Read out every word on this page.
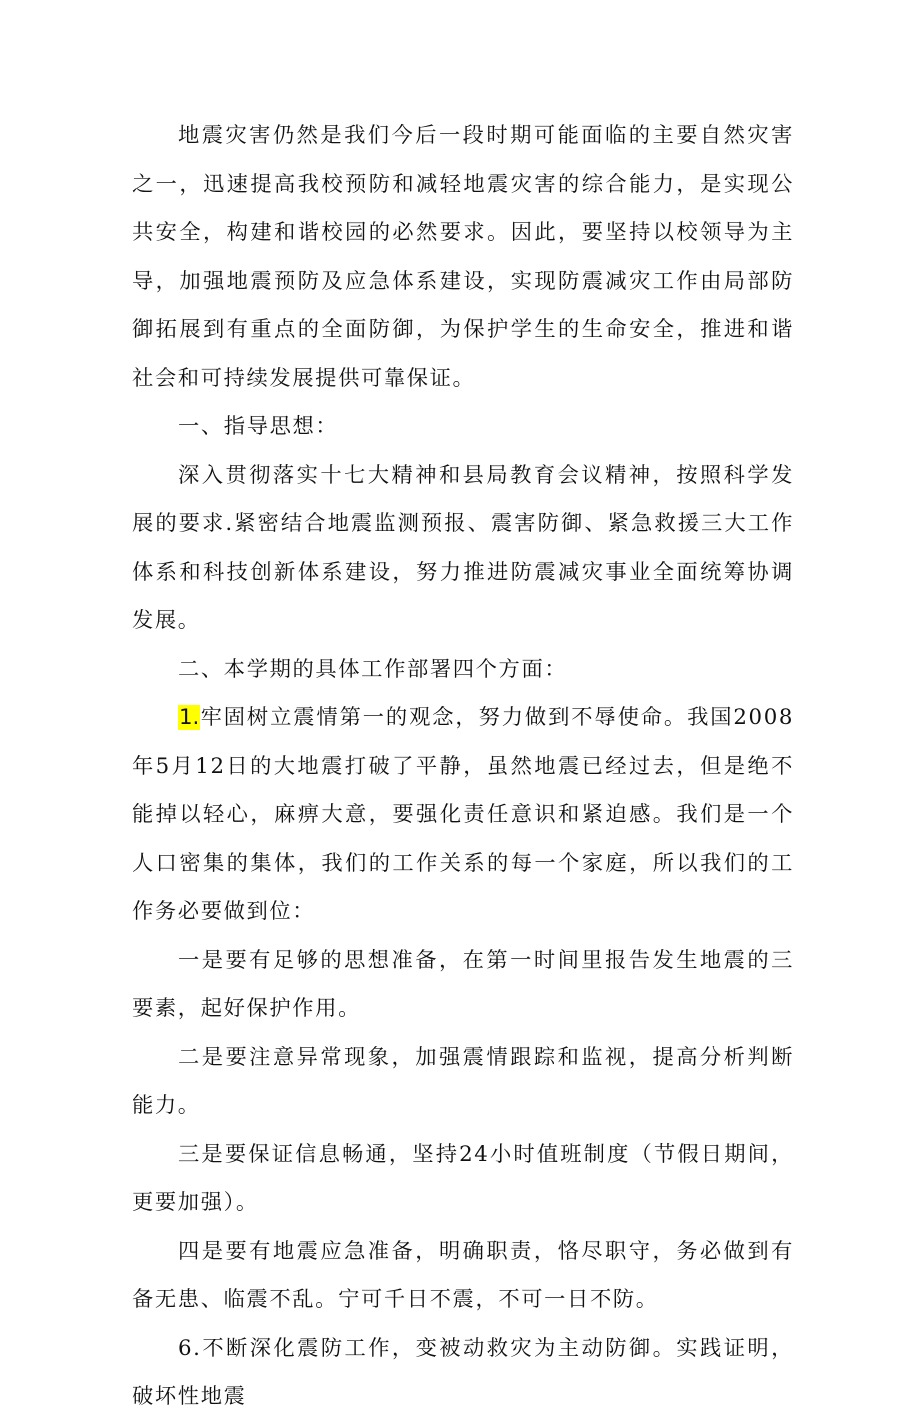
地震灾害仍然是我们今后一段时期可能面临的主要自然灾害之一，迅速提高我校预防和减轻地震灾害的综合能力，是实现公共安全，构建和谐校园的必然要求。因此，要坚持以校领导为主导，加强地震预防及应急体系建设，实现防震减灾工作由局部防御拓展到有重点的全面防御，为保护学生的生命安全，推进和谐社会和可持续发展提供可靠保证。

一、指导思想：

深入贯彻落实十七大精神和县局教育会议精神，按照科学发展的要求.紧密结合地震监测预报、震害防御、紧急救援三大工作体系和科技创新体系建设，努力推进防震减灾事业全面统筹协调发展。

二、本学期的具体工作部署四个方面：

1.牢固树立震情第一的观念，努力做到不辱使命。我国2008年5月12日的大地震打破了平静，虽然地震已经过去，但是绝不能掉以轻心，麻痹大意，要强化责任意识和紧迫感。我们是一个人口密集的集体，我们的工作关系的每一个家庭，所以我们的工作务必要做到位：

一是要有足够的思想准备，在第一时间里报告发生地震的三要素，起好保护作用。

二是要注意异常现象，加强震情跟踪和监视，提高分析判断能力。

三是要保证信息畅通，坚持24小时值班制度（节假日期间，更要加强）。

四是要有地震应急准备，明确职责，恪尽职守，务必做到有备无患、临震不乱。宁可千日不震，不可一日不防。

6.不断深化震防工作，变被动救灾为主动防御。实践证明，破坏性地震
